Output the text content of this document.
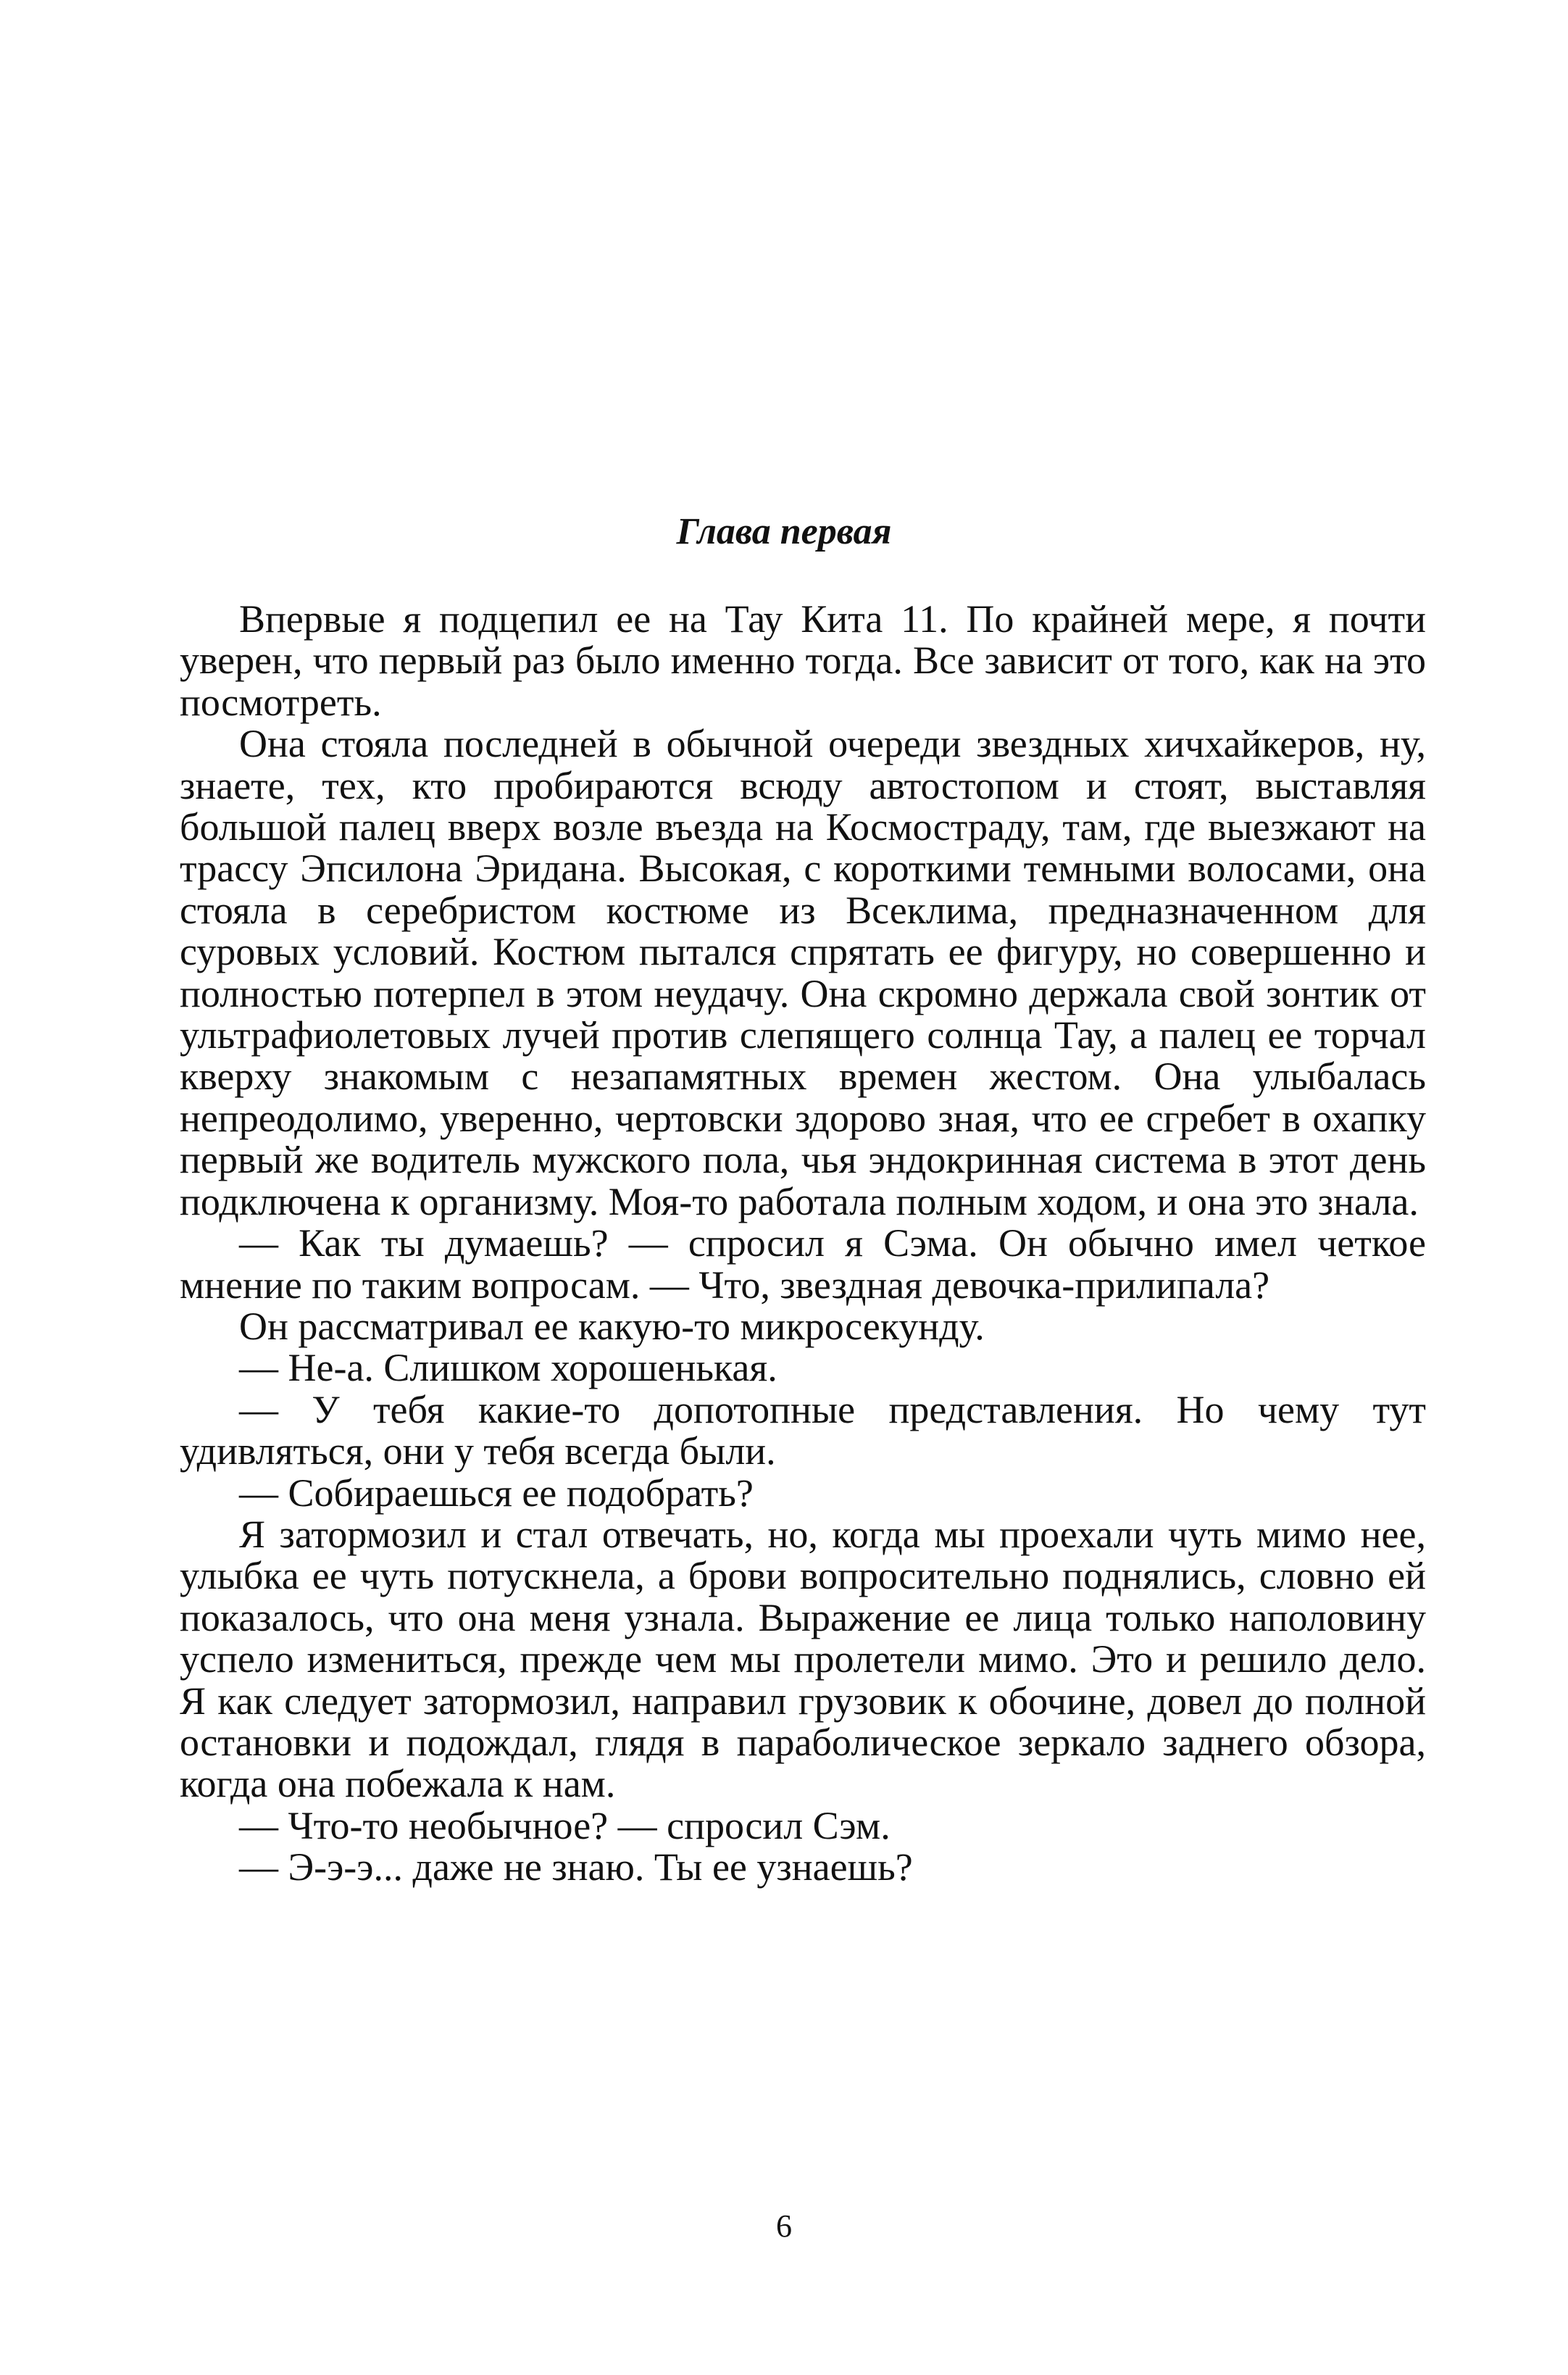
Глава первая

Впервые я подцепил ее на Тау Кита 11. По крайней мере, я почти уверен, что первый раз было именно тогда. Все зависит от того, как на это посмотреть.

Она стояла последней в обычной очереди звездных хичхайкеров, ну, знаете, тех, кто пробираются всюду автостопом и стоят, выставляя большой палец вверх возле въезда на Космостраду, там, где выезжают на трассу Эпсилона Эридана. Высокая, с короткими темными волосами, она стояла в серебристом костюме из Всеклима, предназначенном для суровых условий. Костюм пытался спрятать ее фигуру, но совершенно и полностью потерпел в этом неудачу. Она скромно держала свой зонтик от ультрафиолетовых лучей против слепящего солнца Тау, а палец ее торчал кверху знакомым с незапамятных времен жестом. Она улыбалась непреодолимо, уверенно, чертовски здорово зная, что ее сгребет в охапку первый же водитель мужского пола, чья эндокринная система в этот день подключена к организму. Моя-то работала полным ходом, и она это знала.

— Как ты думаешь? — спросил я Сэма. Он обычно имел четкое мнение по таким вопросам. — Что, звездная девочка-прилипала?

Он рассматривал ее какую-то микросекунду.

— Не-а. Слишком хорошенькая.

— У тебя какие-то допотопные представления. Но чему тут удивляться, они у тебя всегда были.

— Собираешься ее подобрать?

Я затормозил и стал отвечать, но, когда мы проехали чуть мимо нее, улыбка ее чуть потускнела, а брови вопросительно поднялись, словно ей показалось, что она меня узнала. Выражение ее лица только наполовину успело измениться, прежде чем мы пролетели мимо. Это и решило дело. Я как следует затормозил, направил грузовик к обочине, довел до полной остановки и подождал, глядя в параболическое зеркало заднего обзора, когда она побежала к нам.

— Что-то необычное? — спросил Сэм.

— Э-э-э... даже не знаю. Ты ее узнаешь?

6
